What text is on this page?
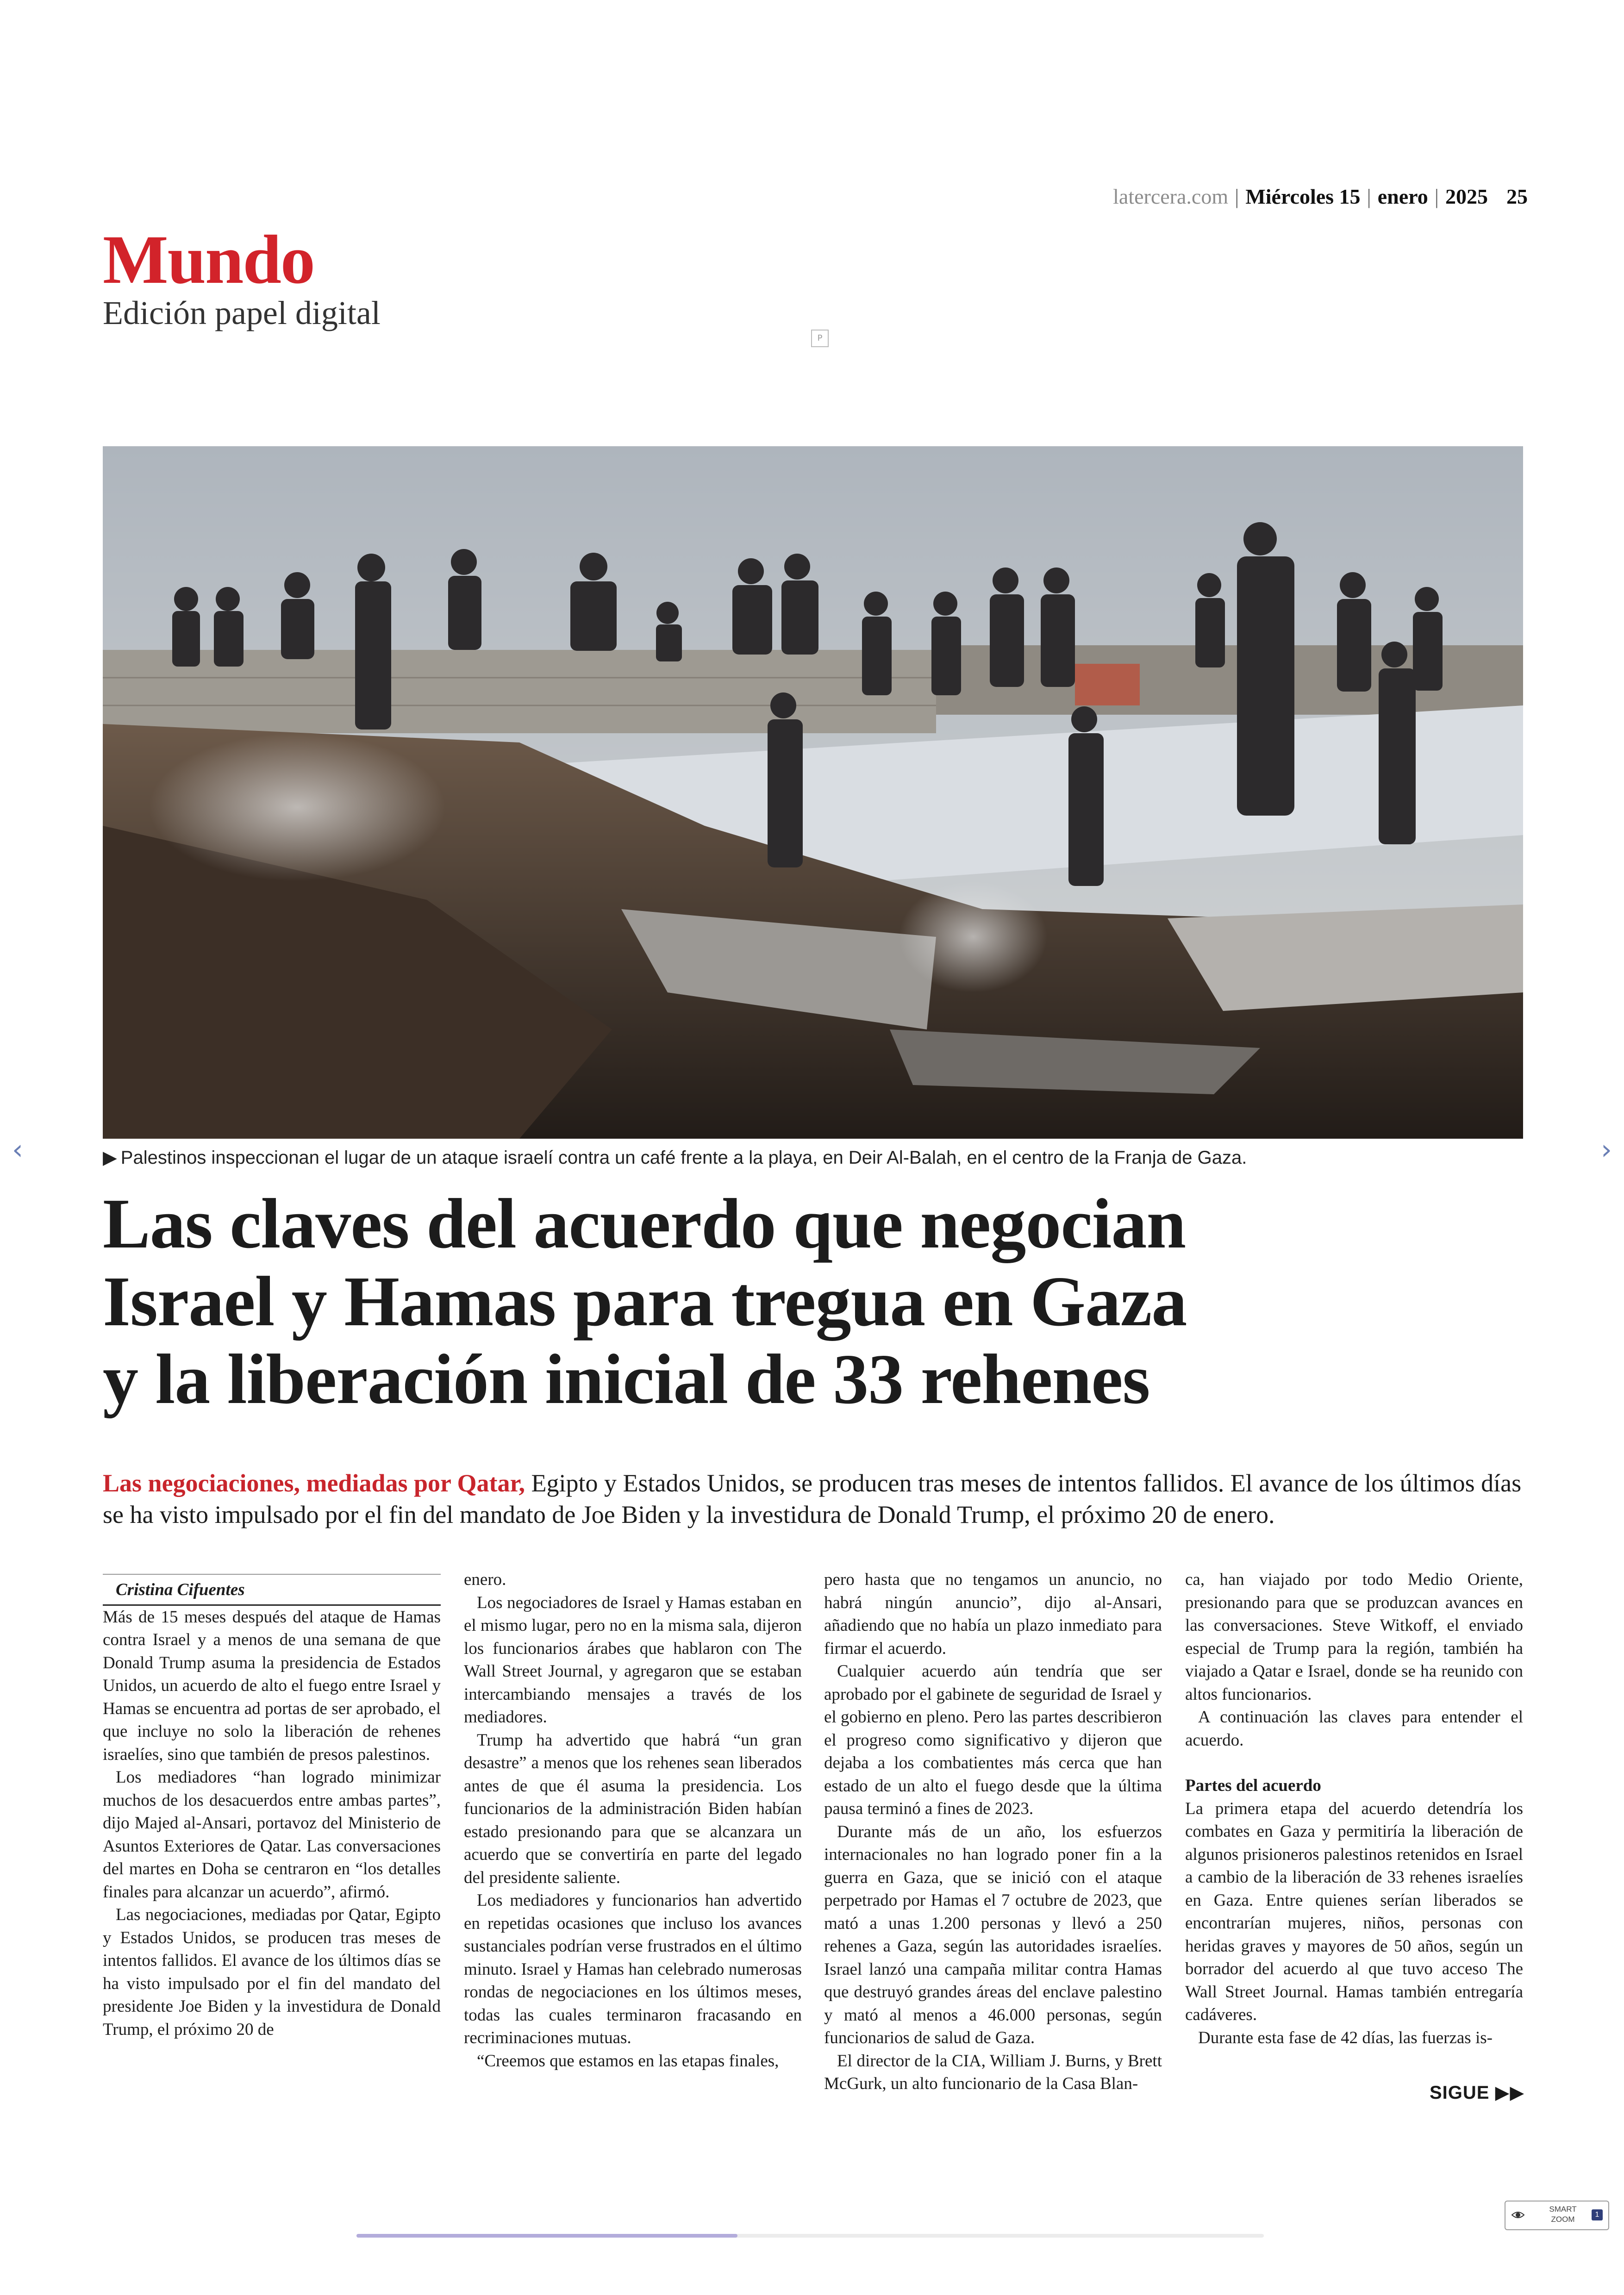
latercera.com | Miércoles 15 | enero | 2025 25
Mundo
Edición papel digital
P
▶ Palestinos inspeccionan el lugar de un ataque israelí contra un café frente a la playa, en Deir Al-Balah, en el centro de la Franja de Gaza.
‹	›
Las claves del acuerdo que negocian
Israel y Hamas para tregua en Gaza
y la liberación inicial de 33 rehenes
Las negociaciones, mediadas por Qatar, Egipto y Estados Unidos, se producen tras meses de intentos fallidos. El avance de los últimos días se ha visto impulsado por el fin del mandato de Joe Biden y la investidura de Donald Trump, el próximo 20 de enero.

Cristina Cifuentes

Más de 15 meses después del ataque de Hamas contra Israel y a menos de una semana de que Donald Trump asuma la presidencia de Estados Unidos, un acuerdo de alto el fuego entre Israel y Hamas se encuentra ad portas de ser aprobado, el que incluye no solo la liberación de rehenes israelíes, sino que también de presos palestinos.

Los mediadores “han logrado minimizar muchos de los desacuerdos entre ambas partes”, dijo Majed al-Ansari, portavoz del Ministerio de Asuntos Exteriores de Qatar. Las conversaciones del martes en Doha se centraron en “los detalles finales para alcanzar un acuerdo”, afirmó.

Las negociaciones, mediadas por Qatar, Egipto y Estados Unidos, se producen tras meses de intentos fallidos. El avance de los últimos días se ha visto impulsado por el fin del mandato del presidente Joe Biden y la investidura de Donald Trump, el próximo 20 de

enero.

Los negociadores de Israel y Hamas estaban en el mismo lugar, pero no en la misma sala, dijeron los funcionarios árabes que hablaron con The Wall Street Journal, y agregaron que se estaban intercambiando mensajes a través de los mediadores.

Trump ha advertido que habrá “un gran desastre” a menos que los rehenes sean liberados antes de que él asuma la presidencia. Los funcionarios de la administración Biden habían estado presionando para que se alcanzara un acuerdo que se convertiría en parte del legado del presidente saliente.

Los mediadores y funcionarios han advertido en repetidas ocasiones que incluso los avances sustanciales podrían verse frustrados en el último minuto. Israel y Hamas han celebrado numerosas rondas de negociaciones en los últimos meses, todas las cuales terminaron fracasando en recriminaciones mutuas.

“Creemos que estamos en las etapas finales,

pero hasta que no tengamos un anuncio, no habrá ningún anuncio”, dijo al-Ansari, añadiendo que no había un plazo inmediato para firmar el acuerdo.

Cualquier acuerdo aún tendría que ser aprobado por el gabinete de seguridad de Israel y el gobierno en pleno. Pero las partes describieron el progreso como significativo y dijeron que dejaba a los combatientes más cerca que han estado de un alto el fuego desde que la última pausa terminó a fines de 2023.

Durante más de un año, los esfuerzos internacionales no han logrado poner fin a la guerra en Gaza, que se inició con el ataque perpetrado por Hamas el 7 octubre de 2023, que mató a unas 1.200 personas y llevó a 250 rehenes a Gaza, según las autoridades israelíes. Israel lanzó una campaña militar contra Hamas que destruyó grandes áreas del enclave palestino y mató al menos a 46.000 personas, según funcionarios de salud de Gaza.

El director de la CIA, William J. Burns, y Brett McGurk, un alto funcionario de la Casa Blan-

ca, han viajado por todo Medio Oriente, presionando para que se produzcan avances en las conversaciones. Steve Witkoff, el enviado especial de Trump para la región, también ha viajado a Qatar e Israel, donde se ha reunido con altos funcionarios.

A continuación las claves para entender el acuerdo.

Partes del acuerdo

La primera etapa del acuerdo detendría los combates en Gaza y permitiría la liberación de algunos prisioneros palestinos retenidos en Israel a cambio de la liberación de 33 rehenes israelíes en Gaza. Entre quienes serían liberados se encontrarían mujeres, niños, personas con heridas graves y mayores de 50 años, según un borrador del acuerdo al que tuvo acceso The Wall Street Journal. Hamas también entregaría cadáveres.

Durante esta fase de 42 días, las fuerzas is-

SIGUE ▶▶
SMART
ZOOM
1
